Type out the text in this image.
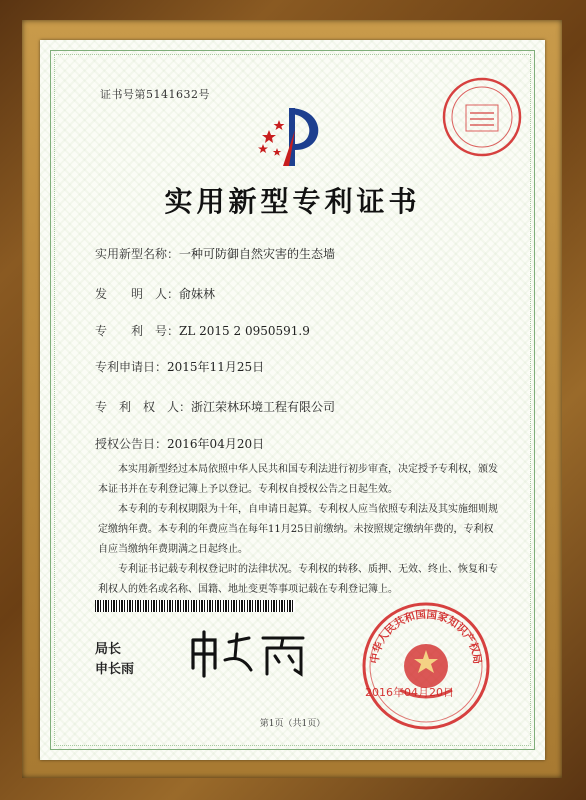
证书号第5141632号
实用新型专利证书
实用新型名称：一种可防御自然灾害的生态墙
发　　明　人：俞妹林
专　　利　号：ZL 2015 2 0950591.9
专利申请日：2015年11月25日
专　利　权　人：浙江荣林环境工程有限公司
授权公告日：2016年04月20日

本实用新型经过本局依照中华人民共和国专利法进行初步审查，决定授予专利权，颁发本证书并在专利登记簿上予以登记。专利权自授权公告之日起生效。

本专利的专利权期限为十年，自申请日起算。专利权人应当依照专利法及其实施细则规定缴纳年费。本专利的年费应当在每年11月25日前缴纳。未按照规定缴纳年费的，专利权自应当缴纳年费期满之日起终止。

专利证书记载专利权登记时的法律状况。专利权的转移、质押、无效、终止、恢复和专利权人的姓名或名称、国籍、地址变更等事项记载在专利登记簿上。

局长
申长雨
中华人民共和国国家知识产权局
2016年04月20日
第1页（共1页）
